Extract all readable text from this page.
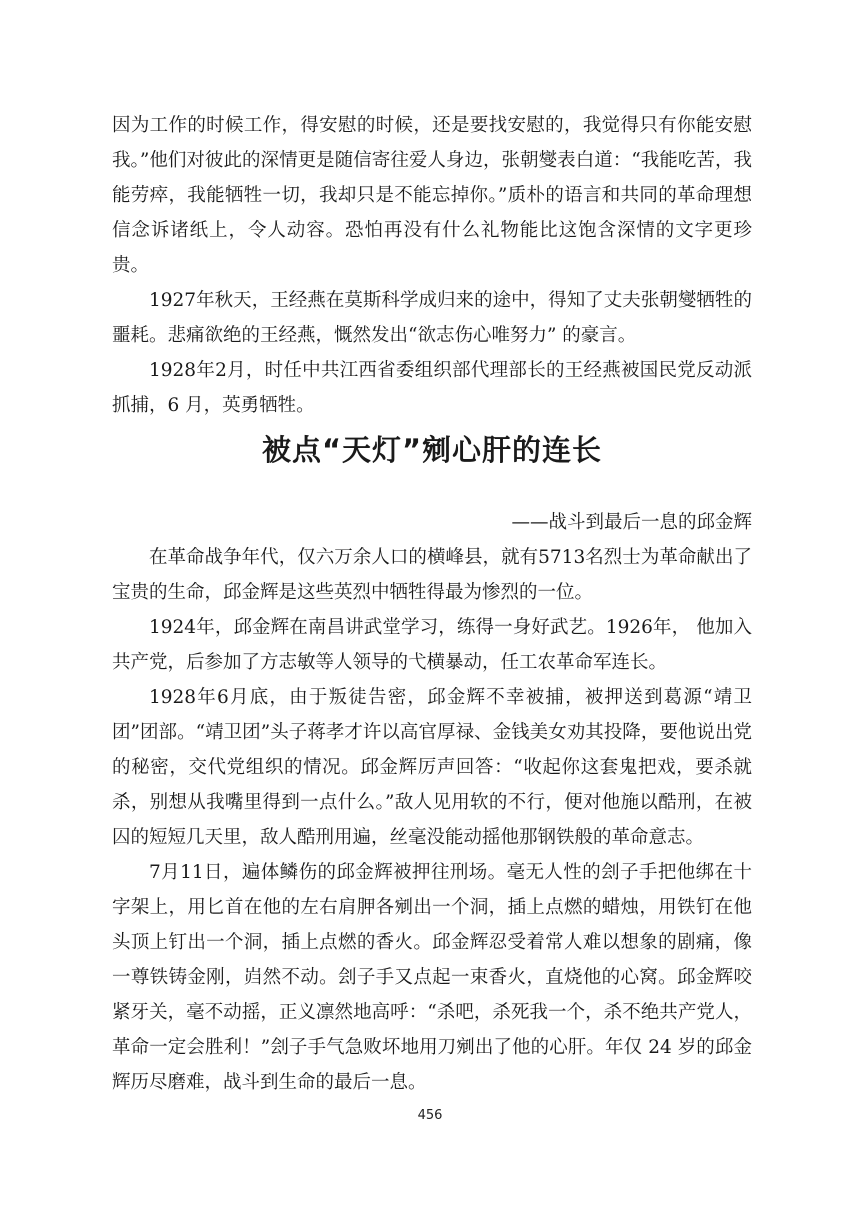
因为工作的时候工作，得安慰的时候，还是要找安慰的，我觉得只有你能安慰我。”他们对彼此的深情更是随信寄往爱人身边，张朝燮表白道：“我能吃苦，我能劳瘁，我能牺牲一切，我却只是不能忘掉你。”质朴的语言和共同的革命理想信念诉诸纸上，令人动容。恐怕再没有什么礼物能比这饱含深情的文字更珍贵。

1927年秋天，王经燕在莫斯科学成归来的途中，得知了丈夫张朝燮牺牲的噩耗。悲痛欲绝的王经燕，慨然发出“欲志伤心唯努力” 的豪言。

1928年2月，时任中共江西省委组织部代理部长的王经燕被国民党反动派抓捕，6 月，英勇牺牲。

被点“天灯”剜心肝的连长

——战斗到最后一息的邱金辉

在革命战争年代，仅六万余人口的横峰县，就有5713名烈士为革命献出了宝贵的生命，邱金辉是这些英烈中牺牲得最为惨烈的一位。

1924年，邱金辉在南昌讲武堂学习，练得一身好武艺。1926年， 他加入共产党，后参加了方志敏等人领导的弋横暴动，任工农革命军连长。

1928年6月底，由于叛徒告密，邱金辉不幸被捕，被押送到葛源“靖卫团”团部。“靖卫团”头子蒋孝才许以高官厚禄、金钱美女劝其投降，要他说出党的秘密，交代党组织的情况。邱金辉厉声回答：“收起你这套鬼把戏，要杀就杀，别想从我嘴里得到一点什么。”敌人见用软的不行，便对他施以酷刑，在被囚的短短几天里，敌人酷刑用遍，丝毫没能动摇他那钢铁般的革命意志。

7月11日，遍体鳞伤的邱金辉被押往刑场。毫无人性的刽子手把他绑在十字架上，用匕首在他的左右肩胛各剜出一个洞，插上点燃的蜡烛，用铁钉在他头顶上钉出一个洞，插上点燃的香火。邱金辉忍受着常人难以想象的剧痛，像一尊铁铸金刚，岿然不动。刽子手又点起一束香火，直烧他的心窝。邱金辉咬紧牙关，毫不动摇，正义凛然地高呼：“杀吧，杀死我一个，杀不绝共产党人，革命一定会胜利！”刽子手气急败坏地用刀剜出了他的心肝。年仅 24 岁的邱金辉历尽磨难，战斗到生命的最后一息。

456
